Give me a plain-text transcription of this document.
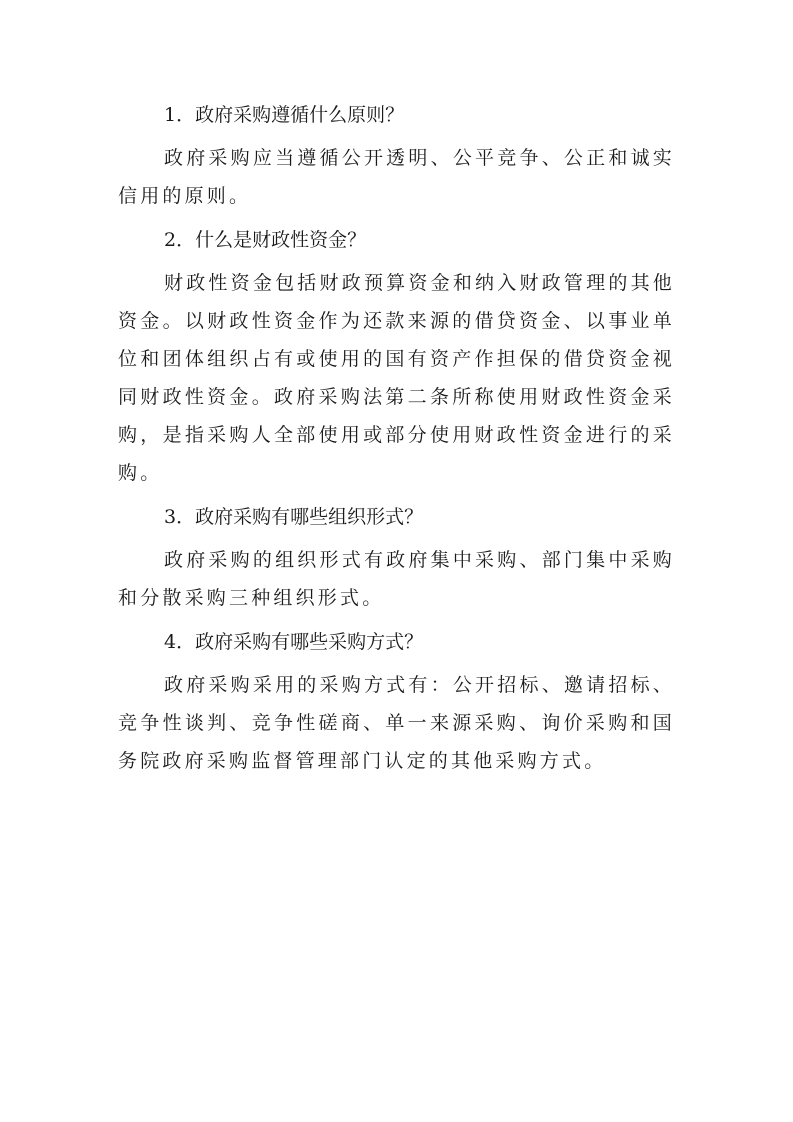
1．政府采购遵循什么原则？

政府采购应当遵循公开透明、公平竞争、公正和诚实信用的原则。

2．什么是财政性资金？

财政性资金包括财政预算资金和纳入财政管理的其他资金。以财政性资金作为还款来源的借贷资金、以事业单位和团体组织占有或使用的国有资产作担保的借贷资金视同财政性资金。政府采购法第二条所称使用财政性资金采购，是指采购人全部使用或部分使用财政性资金进行的采购。

3．政府采购有哪些组织形式？

政府采购的组织形式有政府集中采购、部门集中采购和分散采购三种组织形式。

4．政府采购有哪些采购方式？

政府采购采用的采购方式有：公开招标、邀请招标、竞争性谈判、竞争性磋商、单一来源采购、询价采购和国务院政府采购监督管理部门认定的其他采购方式。
